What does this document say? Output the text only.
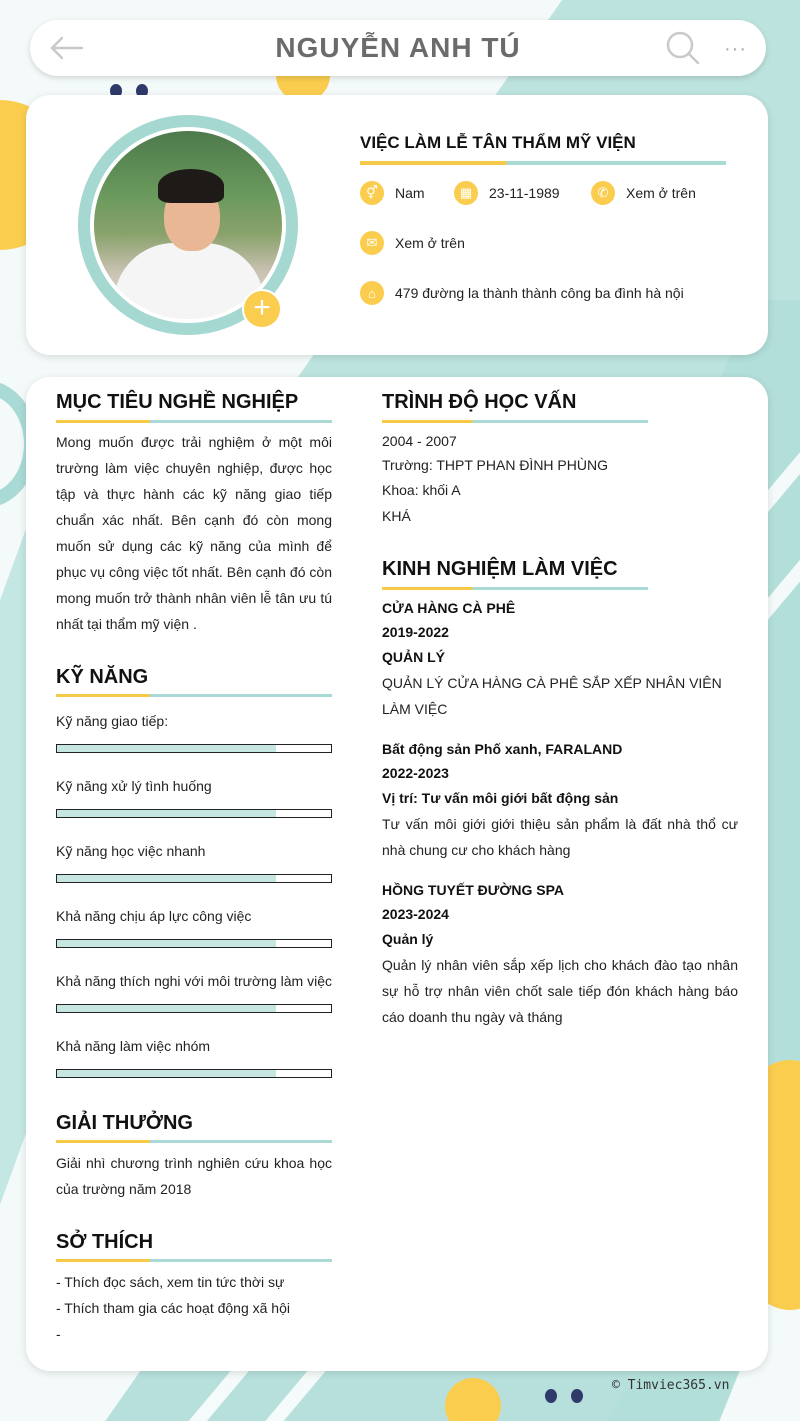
NGUYỄN ANH TÚ	···
+
VIỆC LÀM LỄ TÂN THẨM MỸ VIỆN
⚥	Nam	▦	23-11-1989	✆	Xem ở trên
✉	Xem ở trên
⌂	479 đường la thành thành công ba đình hà nội
MỤC TIÊU NGHỀ NGHIỆP
Mong muốn được trải nghiệm ở một môi trường làm việc chuyên nghiệp, được học tập và thực hành các kỹ năng giao tiếp chuẩn xác nhất. Bên cạnh đó còn mong muốn sử dụng các kỹ năng của mình để phục vụ công việc tốt nhất. Bên cạnh đó còn mong muốn trở thành nhân viên lễ tân ưu tú nhất tại thẩm mỹ viện .
KỸ NĂNG
Kỹ năng giao tiếp:
Kỹ năng xử lý tình huống
Kỹ năng học việc nhanh
Khả năng chịu áp lực công việc
Khả năng thích nghi với môi trường làm việc
Khả năng làm việc nhóm
GIẢI THƯỞNG
Giải nhì chương trình nghiên cứu khoa học của trường năm 2018
SỞ THÍCH
- Thích đọc sách, xem tin tức thời sự
- Thích tham gia các hoạt động xã hội
-
TRÌNH ĐỘ HỌC VẤN
2004 - 2007
Trường: THPT PHAN ĐÌNH PHÙNG
Khoa: khối A
KHÁ
KINH NGHIỆM LÀM VIỆC
CỬA HÀNG CÀ PHÊ
2019-2022
QUẢN LÝ
QUẢN LÝ CỬA HÀNG CÀ PHÊ SẮP XẾP NHÂN VIÊN LÀM VIỆC
Bất động sản Phố xanh, FARALAND
2022-2023
Vị trí: Tư vấn môi giới bất động sản
Tư vấn môi giới giới thiệu sản phẩm là đất nhà thổ cư nhà chung cư cho khách hàng
HỒNG TUYẾT ĐƯỜNG SPA
2023-2024
Quản lý
Quản lý nhân viên sắp xếp lịch cho khách đào tạo nhân sự hỗ trợ nhân viên chốt sale tiếp đón khách hàng báo cáo doanh thu ngày và tháng
© Timviec365.vn
